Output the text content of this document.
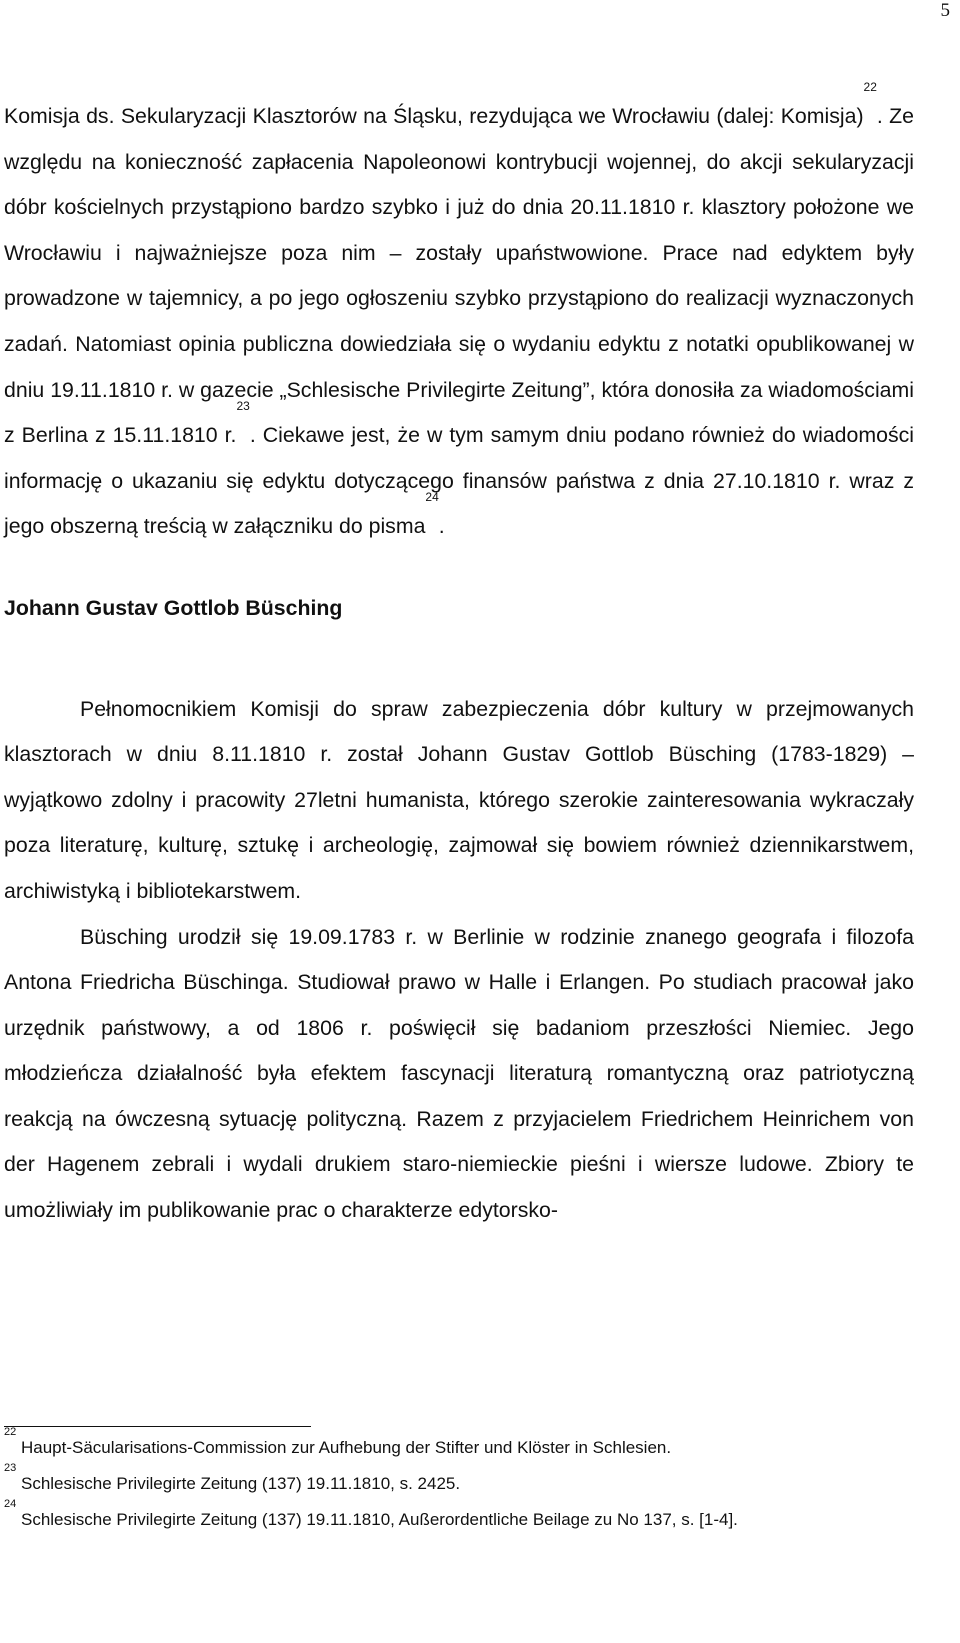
5

Komisja ds. Sekularyzacji Klasztorów na Śląsku, rezydująca we Wrocławiu (dalej: Komisja)$^{22}$. Ze względu na konieczność zapłacenia Napoleonowi kontrybucji wojennej, do akcji sekularyzacji dóbr kościelnych przystąpiono bardzo szybko i już do dnia 20.11.1810 r. klasztory położone we Wrocławiu i najważniejsze poza nim – zostały upaństwowione. Prace nad edyktem były prowadzone w tajemnicy, a po jego ogłoszeniu szybko przystąpiono do realizacji wyznaczonych zadań. Natomiast opinia publiczna dowiedziała się o wydaniu edyktu z notatki opublikowanej w dniu 19.11.1810 r. w gazecie „Schlesische Privilegirte Zeitung”, która donosiła za wiadomościami z Berlina z 15.11.1810 r.$^{23}$. Ciekawe jest, że w tym samym dniu podano również do wiadomości informację o ukazaniu się edyktu dotyczącego finansów państwa z dnia 27.10.1810 r. wraz z jego obszerną treścią w załączniku do pisma$^{24}$.

Johann Gustav Gottlob Büsching

Pełnomocnikiem Komisji do spraw zabezpieczenia dóbr kultury w przejmowanych klasztorach w dniu 8.11.1810 r. został Johann Gustav Gottlob Büsching (1783-1829) – wyjątkowo zdolny i pracowity 27letni humanista, którego szerokie zainteresowania wykraczały poza literaturę, kulturę, sztukę i archeologię, zajmował się bowiem również dziennikarstwem, archiwistyką i bibliotekarstwem.

Büsching urodził się 19.09.1783 r. w Berlinie w rodzinie znanego geografa i filozofa Antona Friedricha Büschinga. Studiował prawo w Halle i Erlangen. Po studiach pracował jako urzędnik państwowy, a od 1806 r. poświęcił się badaniom przeszłości Niemiec. Jego młodzieńcza działalność była efektem fascynacji literaturą romantyczną oraz patriotyczną reakcją na ówczesną sytuację polityczną. Razem z przyjacielem Friedrichem Heinrichem von der Hagenem zebrali i wydali drukiem staro-niemieckie pieśni i wiersze ludowe. Zbiory te umożliwiały im publikowanie prac o charakterze edytorsko-

$^{22}$ Haupt-Säcularisations-Commission zur Aufhebung der Stifter und Klöster in Schlesien.

$^{23}$ Schlesische Privilegirte Zeitung (137) 19.11.1810, s. 2425.

$^{24}$ Schlesische Privilegirte Zeitung (137) 19.11.1810, Außerordentliche Beilage zu No 137, s. [1-4].
